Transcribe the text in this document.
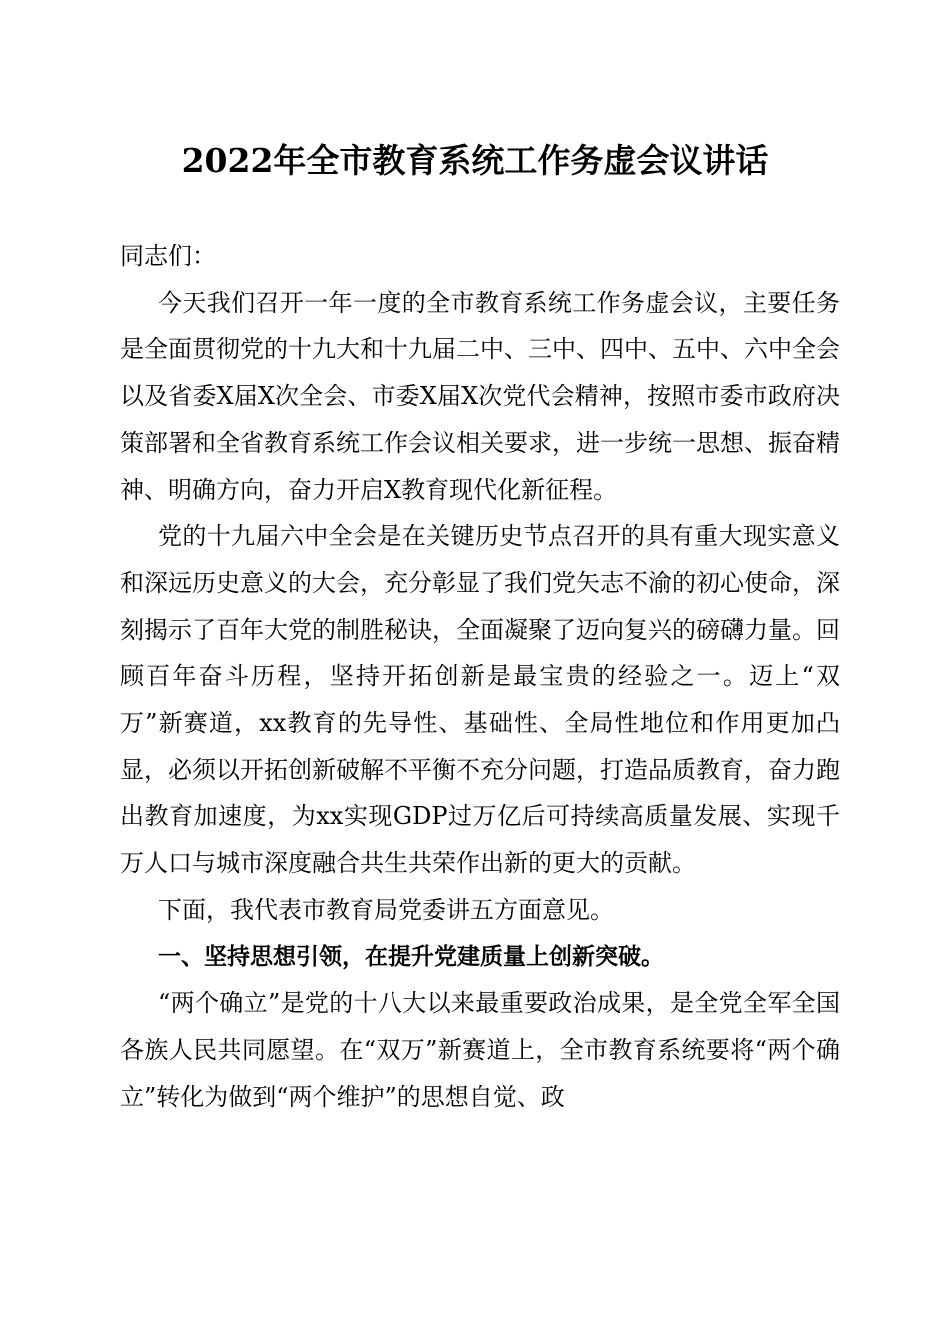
2022年全市教育系统工作务虚会议讲话

同志们：

今天我们召开一年一度的全市教育系统工作务虚会议，主要任务是全面贯彻党的十九大和十九届二中、三中、四中、五中、六中全会以及省委X届X次全会、市委X届X次党代会精神，按照市委市政府决策部署和全省教育系统工作会议相关要求，进一步统一思想、振奋精神、明确方向，奋力开启X教育现代化新征程。

党的十九届六中全会是在关键历史节点召开的具有重大现实意义和深远历史意义的大会，充分彰显了我们党矢志不渝的初心使命，深刻揭示了百年大党的制胜秘诀，全面凝聚了迈向复兴的磅礴力量。回顾百年奋斗历程，坚持开拓创新是最宝贵的经验之一。迈上“双万”新赛道，xx教育的先导性、基础性、全局性地位和作用更加凸显，必须以开拓创新破解不平衡不充分问题，打造品质教育，奋力跑出教育加速度，为xx实现GDP过万亿后可持续高质量发展、实现千万人口与城市深度融合共生共荣作出新的更大的贡献。

下面，我代表市教育局党委讲五方面意见。

一、坚持思想引领，在提升党建质量上创新突破。

“两个确立”是党的十八大以来最重要政治成果，是全党全军全国各族人民共同愿望。在“双万”新赛道上，全市教育系统要将“两个确立”转化为做到“两个维护”的思想自觉、政
